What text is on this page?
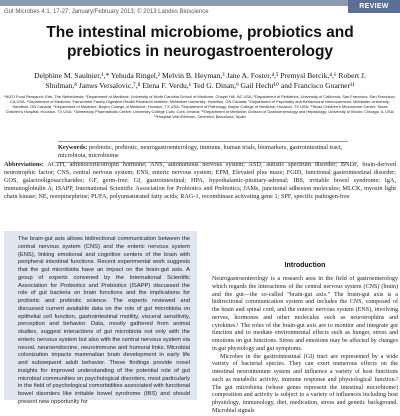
REVIEW
Gut Microbes 4:1, 17-27; January/February 2013; © 2013 Landes Bioscience
The intestinal microbiome, probiotics and prebiotics in neurogastroenterology
Delphine M. Saulnier,¹,* Yehuda Ringel,² Melvin B. Heyman,³ Jane A. Foster,⁴,⁵ Premysl Bercik,⁴,⁶ Robert J. Shulman,⁸ James Versalovic,⁷,⁸ Elena F. Verdu,⁶ Ted G. Dinan,⁹ Gail Hecht¹⁰ and Francisco Guarner¹¹
¹NIZO Food Research; Ede, The Netherlands; ²Department of Medicine; University of North Carolina School of Medicine; Chapel Hill, NC USA; ³Department of Pediatrics; University of California, San Francisco; San Francisco, CA USA; ⁴Department of Medicine; Farncombe Family Digestive Health Research Institute; McMaster University; Hamilton, ON Canada; ⁵Department of Psychiatry and Behavioural Neurosciences; McMaster University; Hamilton, ON Canada; ⁶Department of Medicine; Baylor College of Medicine; Houston, TX USA; ⁷Department of Pathology; Baylor College of Medicine; Houston, TX USA; ⁸Texas Children's Microbiome Center; Texas Children's Hospital; Houston, TX USA; ⁹Alimentary Pharmabiotic Centre; University College Cork; Cork, Ireland; ¹⁰Department of Medicine; Division of Gastroenterology and Hepatology; University of Illinois; Chicago, IL USA; ¹¹Hospital Vall d'Hebron, Ciberehd; Barcelona, Spain
Keywords: probiotic, prebiotic, neurogastroenterology, immune, human trials, biomarkers, gastrointestinal tract, microbiota, microbiome
Abbreviations: ACTH, adrenocorticotropin hormone; ANS, autonomous nervous system; ASD, autistic spectrum disorder; BNDF, brain-derived neurotrophic factor; CNS, central nervous system; ENS, enteric nervous system; EPM, Elevated plus maze; FGID, functional gastrointestinal disorder; GOS, galactooligosaccharides; GF, germ-free; GI, gastrointestinal; HPA, hypothalamic-pituitary-adrenal; IBS, irritable bowel syndrome; IgA, immunoglobulin A; ISAPP, International Scientific Association for Probiotics and Prebiotics; JAMs, junctional adhesion molecules; MLCK, myosin light chain kinase; NE, norepinephrine; PUFA, polyunsaturated fatty acids; RAG-1, recombinase activating gene 1; SPF, specific pathogen-free

The brain-gut axis allows bidirectional communication between the central nervous system (CNS) and the enteric nervous system (ENS), linking emotional and cognitive centers of the brain with peripheral intestinal functions. Recent experimental work suggests that the gut microbiota have an impact on the brain-gut axis. A group of experts convened by the International Scientific Association for Probiotics and Prebiotics (ISAPP) discussed the role of gut bacteria on brain functions and the implications for probiotic and prebiotic science. The experts reviewed and discussed current available data on the role of gut microbiota on epithelial cell function, gastrointestinal motility, visceral sensitivity, perception and behavior. Data, mostly gathered from animal studies, suggest interactions of gut microbiota not only with the enteric nervous system but also with the central nervous system via neural, neuroendocrine, neuroimmune and humoral links. Microbial colonization impacts mammalian brain development in early life and subsequent adult behavior. These findings provide novel insights for improved understanding of the potential role of gut microbial communities on psychological disorders, most particularly in the field of psychological comorbidities associated with functional bowel disorders like irritable bowel syndrome (IBS) and should present new opportunity for

Introduction

Neurogastroenterology is a research area in the field of gastroenterology which regards the interactions of the central nervous system (CNS) (brain) and the gut—the so-called “brain-gut axis.” The brain-gut axis is a bidirectional communication system and includes the CNS, composed of the brain and spinal cord, and the enteric nervous system (ENS), involving nerves, hormones and other molecules such as neurotrophins and cytokines.¹ The roles of the brain-gut axis are to monitor and integrate gut function and to mediate environmental effects such as hunger, stress and emotions on gut functions. Stress and emotions may be affected by changes in gut physiology and gut symptoms.

Microbes in the gastrointestinal (GI) tract are represented by a wide variety of bacterial species. They can exert numerous effects on the intestinal neuroimmune system and influence a variety of host functions such as metabolic activity, immune response and physiological function.² The gut microbiota (whose genes represent the intestinal microbiome) composition and activity is subject to a variety of influences including host physiology, immunology, diet, medication, stress and genetic background. Microbial signals
